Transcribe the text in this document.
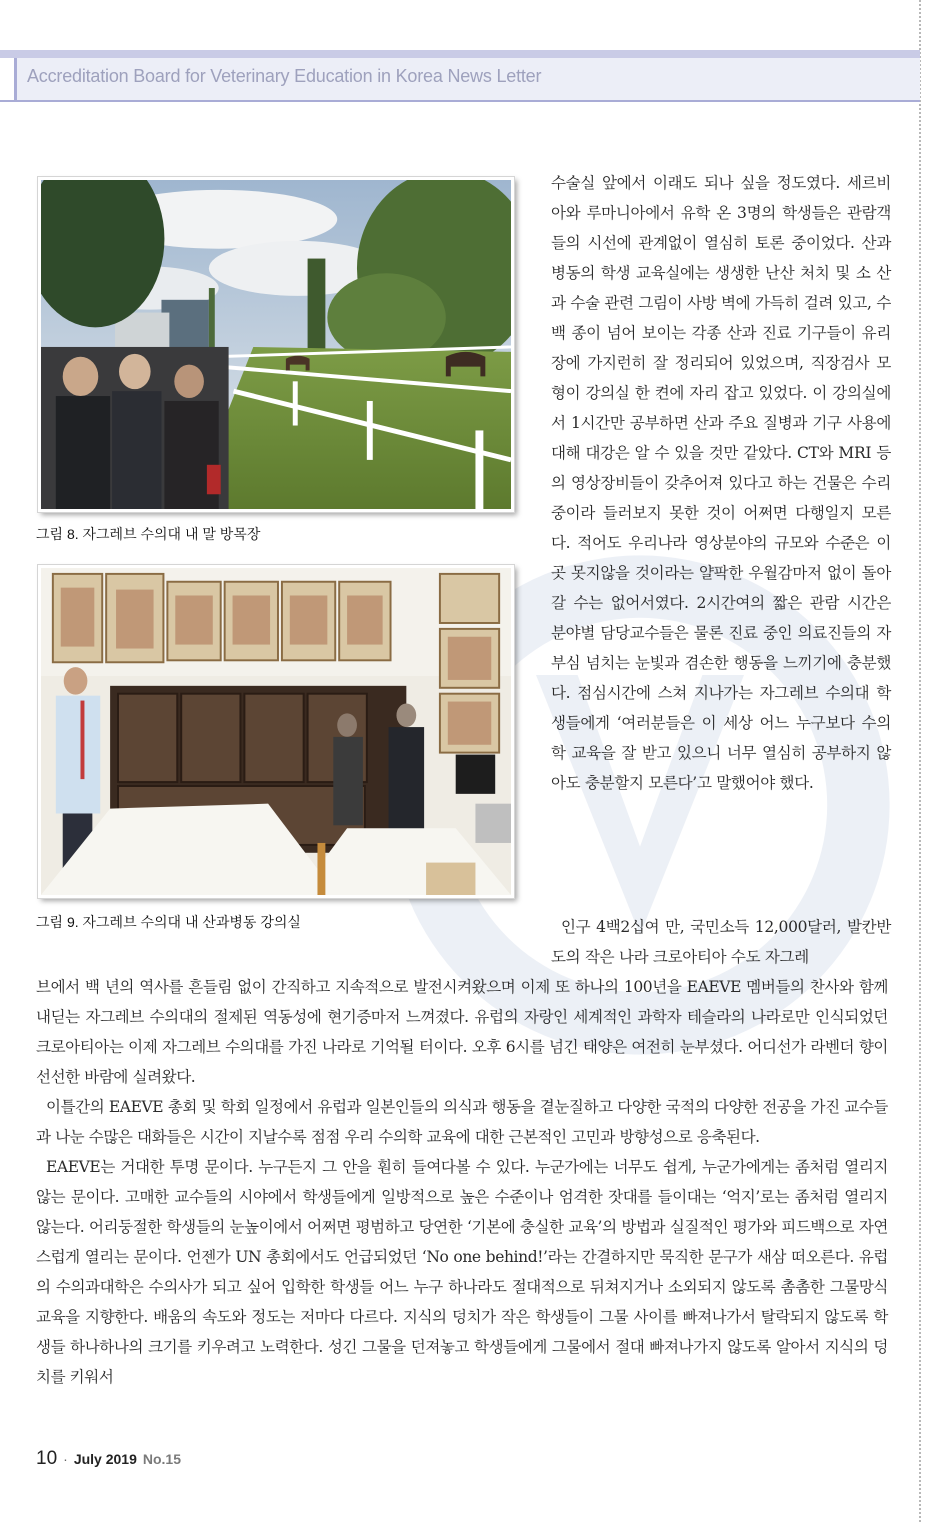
Accreditation Board for Veterinary Education in Korea News Letter
그림 8. 자그레브 수의대 내 말 방목장
그림 9. 자그레브 수의대 내 산과병동 강의실

수술실 앞에서 이래도 되나 싶을 정도였다. 세르비아와 루마니아에서 유학 온 3명의 학생들은 관람객들의 시선에 관계없이 열심히 토론 중이었다. 산과 병동의 학생 교육실에는 생생한 난산 처치 및 소 산과 수술 관련 그림이 사방 벽에 가득히 걸려 있고, 수백 종이 넘어 보이는 각종 산과 진료 기구들이 유리장에 가지런히 잘 정리되어 있었으며, 직장검사 모형이 강의실 한 켠에 자리 잡고 있었다. 이 강의실에서 1시간만 공부하면 산과 주요 질병과 기구 사용에 대해 대강은 알 수 있을 것만 같았다. CT와 MRI 등의 영상장비들이 갖추어져 있다고 하는 건물은 수리 중이라 들러보지 못한 것이 어쩌면 다행일지 모른다. 적어도 우리나라 영상분야의 규모와 수준은 이곳 못지않을 것이라는 얄팍한 우월감마저 없이 돌아갈 수는 없어서였다. 2시간여의 짧은 관람 시간은 분야별 담당교수들은 물론 진료 중인 의료진들의 자부심 넘치는 눈빛과 겸손한 행동을 느끼기에 충분했다. 점심시간에 스쳐 지나가는 자그레브 수의대 학생들에게 ‘여러분들은 이 세상 어느 누구보다 수의학 교육을 잘 받고 있으니 너무 열심히 공부하지 않아도 충분할지 모른다’고 말했어야 했다.

인구 4백2십여 만, 국민소득 12,000달러, 발칸반도의 작은 나라 크로아티아 수도 자그레

브에서 백 년의 역사를 흔들림 없이 간직하고 지속적으로 발전시켜왔으며 이제 또 하나의 100년을 EAEVE 멤버들의 찬사와 함께 내딛는 자그레브 수의대의 절제된 역동성에 현기증마저 느껴졌다. 유럽의 자랑인 세계적인 과학자 테슬라의 나라로만 인식되었던 크로아티아는 이제 자그레브 수의대를 가진 나라로 기억될 터이다. 오후 6시를 넘긴 태양은 여전히 눈부셨다. 어디선가 라벤더 향이 선선한 바람에 실려왔다.

이틀간의 EAEVE 총회 및 학회 일정에서 유럽과 일본인들의 의식과 행동을 곁눈질하고 다양한 국적의 다양한 전공을 가진 교수들과 나눈 수많은 대화들은 시간이 지날수록 점점 우리 수의학 교육에 대한 근본적인 고민과 방향성으로 응축된다.

EAEVE는 거대한 투명 문이다. 누구든지 그 안을 훤히 들여다볼 수 있다. 누군가에는 너무도 쉽게, 누군가에게는 좀처럼 열리지 않는 문이다. 고매한 교수들의 시야에서 학생들에게 일방적으로 높은 수준이나 엄격한 잣대를 들이대는 ‘억지’로는 좀처럼 열리지 않는다. 어리둥절한 학생들의 눈높이에서 어쩌면 평범하고 당연한 ‘기본에 충실한 교육’의 방법과 실질적인 평가와 피드백으로 자연스럽게 열리는 문이다. 언젠가 UN 총회에서도 언급되었던 ‘No one behind!’라는 간결하지만 묵직한 문구가 새삼 떠오른다. 유럽의 수의과대학은 수의사가 되고 싶어 입학한 학생들 어느 누구 하나라도 절대적으로 뒤쳐지거나 소외되지 않도록 촘촘한 그물망식 교육을 지향한다. 배움의 속도와 정도는 저마다 다르다. 지식의 덩치가 작은 학생들이 그물 사이를 빠져나가서 탈락되지 않도록 학생들 하나하나의 크기를 키우려고 노력한다. 성긴 그물을 던져놓고 학생들에게 그물에서 절대 빠져나가지 않도록 알아서 지식의 덩치를 키워서

10 · July 2019 No.15
